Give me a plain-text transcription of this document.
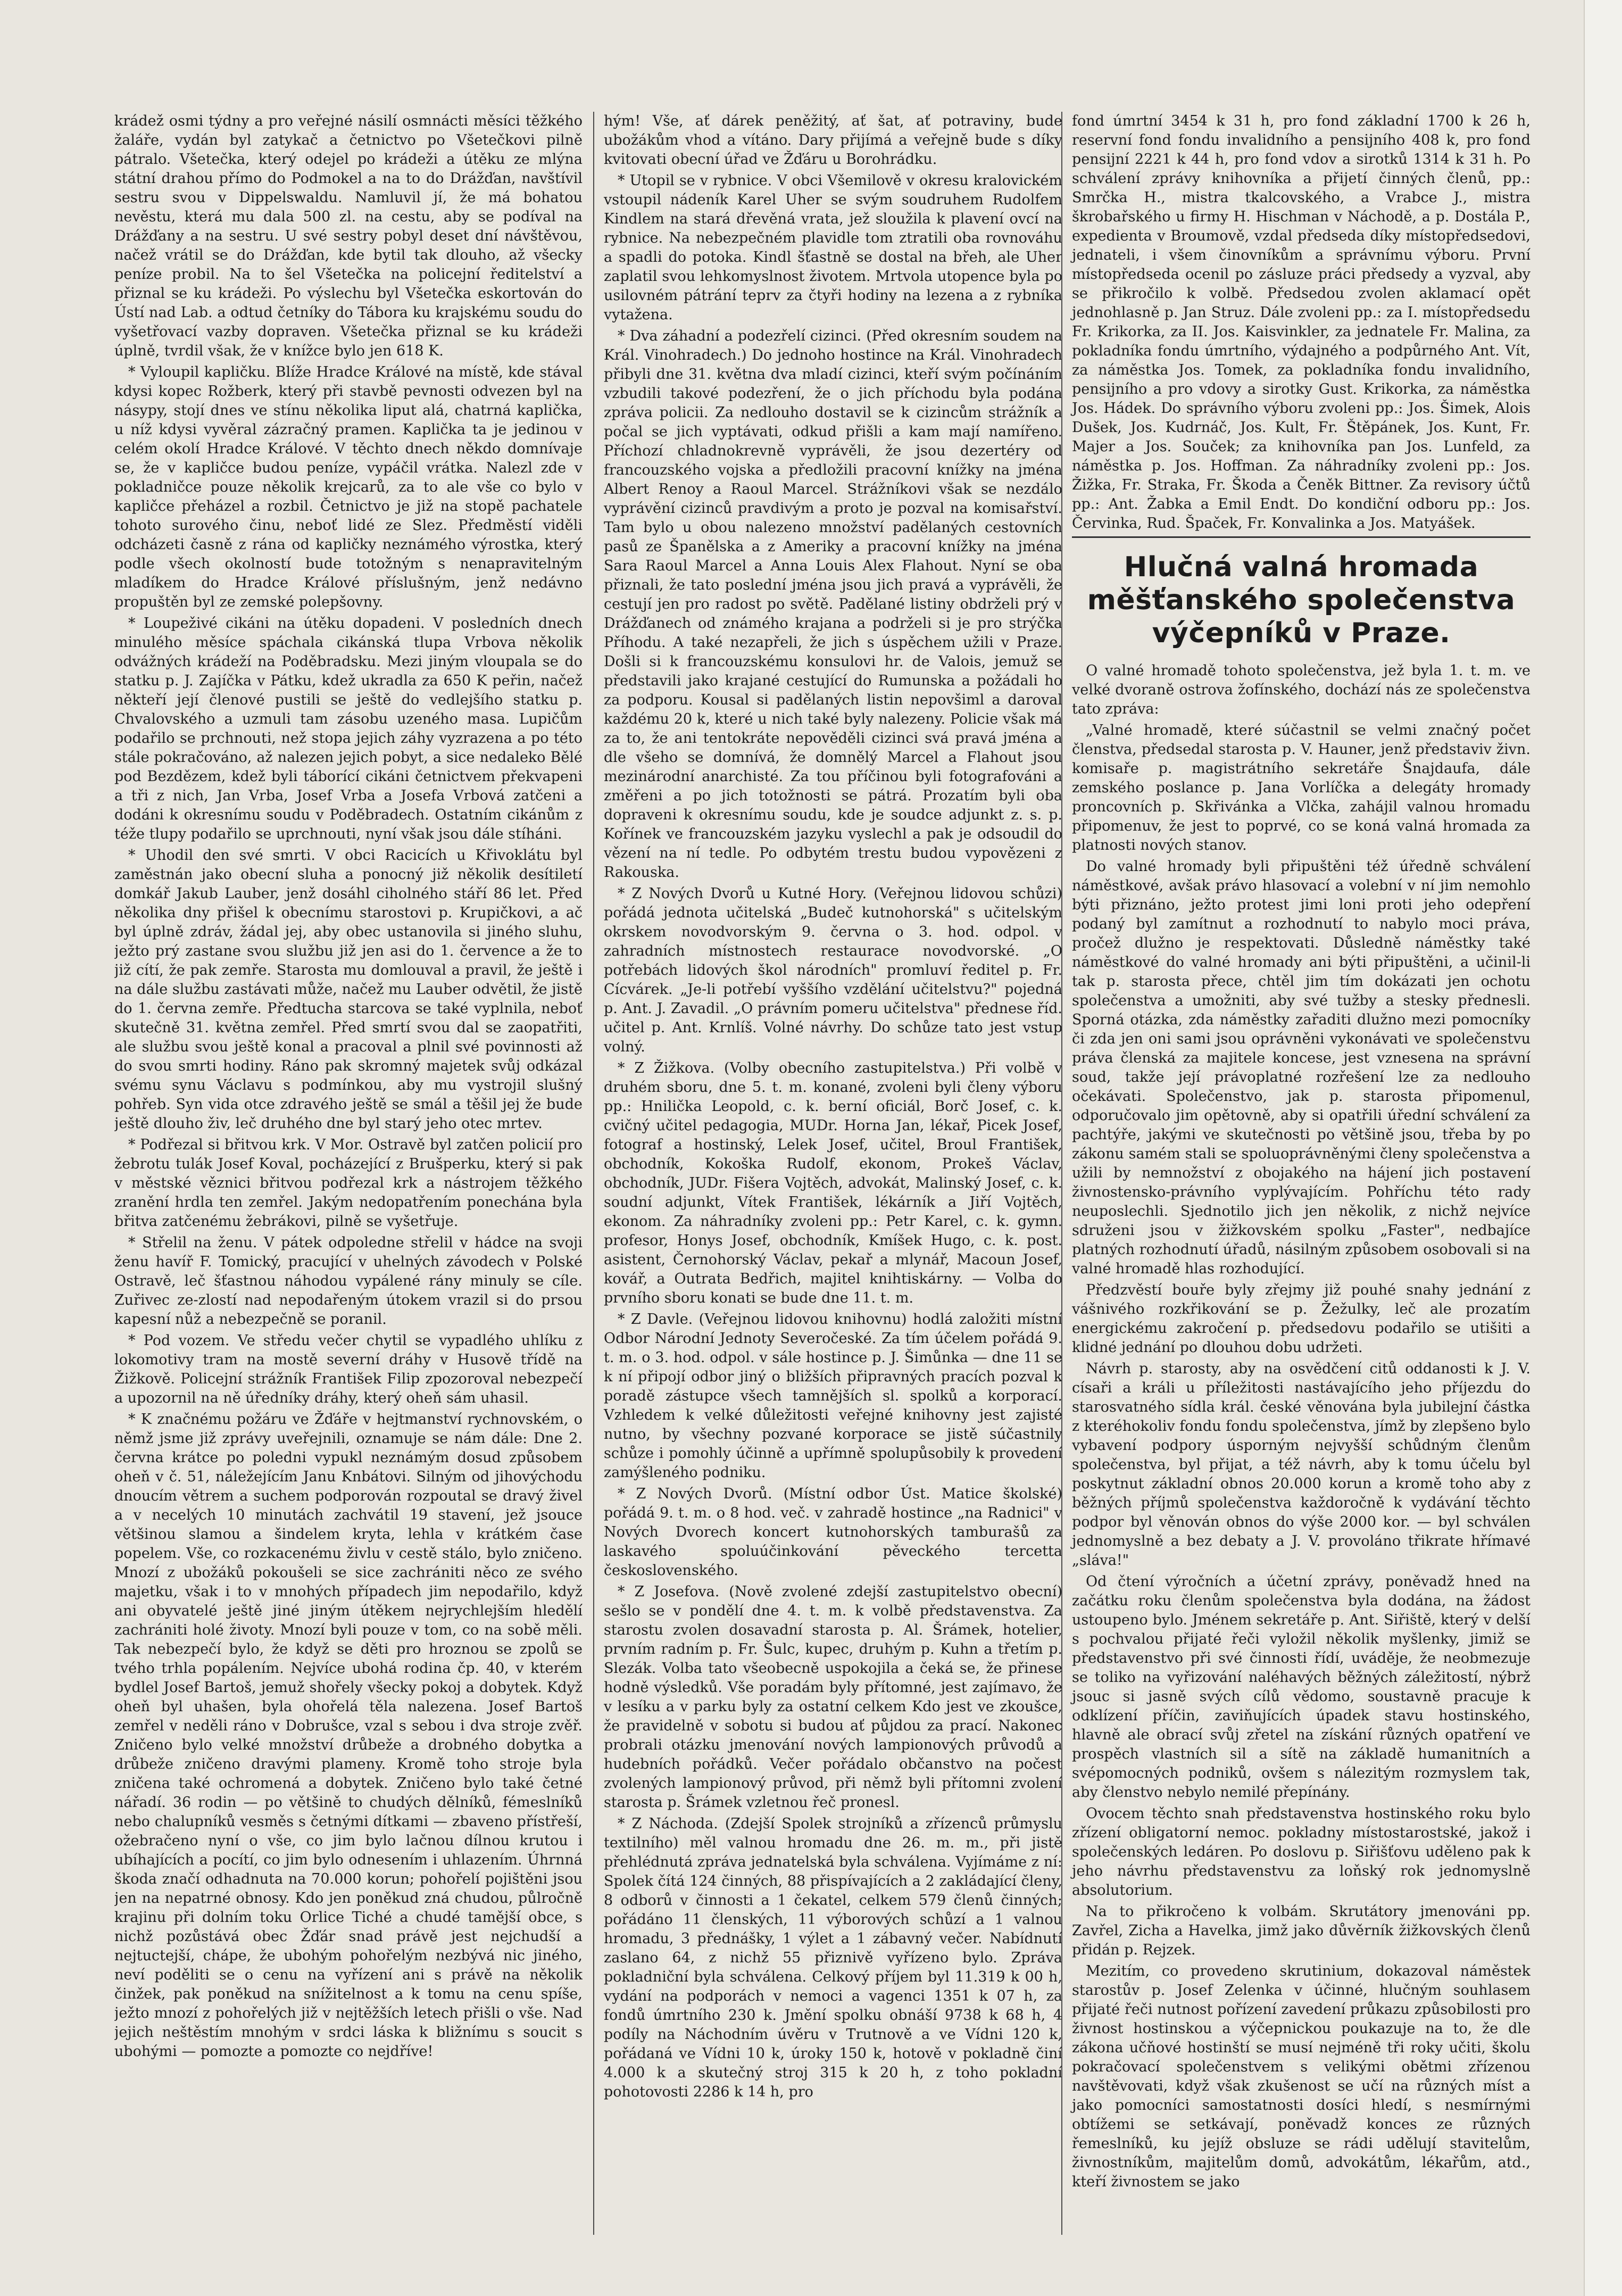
krádež osmi týdny a pro veřejné násilí osmnácti měsíci těžkého žaláře, vydán byl zatykač a četnictvo po Všetečkovi pilně pátralo. Všetečka, který odejel po krádeži a útěku ze mlýna státní drahou přímo do Podmokel a na to do Drážďan, navštívil sestru svou v Dippelswaldu. Namluvil jí, že má bohatou nevěstu, která mu dala 500 zl. na cestu, aby se podíval na Drážďany a na sestru. U své sestry pobyl deset dní návštěvou, načež vrátil se do Drážďan, kde bytil tak dlouho, až všecky peníze probil. Na to šel Všetečka na policejní ředitelství a přiznal se ku krádeži. Po výslechu byl Všetečka eskortován do Ústí nad Lab. a odtud četníky do Tábora ku krajskému soudu do vyšetřovací vazby dopraven. Všetečka přiznal se ku krádeži úplně, tvrdil však, že v knížce bylo jen 618 K.

* Vyloupil kapličku. Blíže Hradce Králové na místě, kde stával kdysi kopec Rožberk, který při stavbě pevnosti odvezen byl na násypy, stojí dnes ve stínu několika liput alá, chatrná kaplička, u níž kdysi vyvěral zázračný pramen. Kaplička ta je jedinou v celém okolí Hradce Králové. V těchto dnech někdo domnívaje se, že v kapličce budou peníze, vypáčil vrátka. Nalezl zde v pokladničce pouze několik krejcarů, za to ale vše co bylo v kapličce přeházel a rozbil. Četnictvo je již na stopě pachatele tohoto surového činu, neboť lidé ze Slez. Předměstí viděli odcházeti časně z rána od kapličky neznámého výrostka, který podle všech okolností bude totožným s nenapravitelným mladíkem do Hradce Králové příslušným, jenž nedávno propuštěn byl ze zemské polepšovny.

* Loupeživé cikáni na útěku dopadeni. V posledních dnech minulého měsíce spáchala cikánská tlupa Vrbova několik odvážných krádeží na Poděbradsku. Mezi jiným vloupala se do statku p. J. Zajíčka v Pátku, kdež ukradla za 650 K peřin, načež někteří její členové pustili se ještě do vedlejšího statku p. Chvalovského a uzmuli tam zásobu uzeného masa. Lupičům podařilo se prchnouti, než stopa jejich záhy vyzrazena a po této stále pokračováno, až nalezen jejich pobyt, a sice nedaleko Bělé pod Bezdězem, kdež byli táborící cikáni četnictvem překvapeni a tři z nich, Jan Vrba, Josef Vrba a Josefa Vrbová zatčeni a dodáni k okresnímu soudu v Poděbradech. Ostatním cikánům z téže tlupy podařilo se uprchnouti, nyní však jsou dále stíháni.

* Uhodil den své smrti. V obci Racicích u Křivoklátu byl zaměstnán jako obecní sluha a ponocný již několik desítiletí domkář Jakub Lauber, jenž dosáhl ciholného stáří 86 let. Před několika dny přišel k obecnímu starostovi p. Krupičkovi, a ač byl úplně zdráv, žádal jej, aby obec ustanovila si jiného sluhu, ježto prý zastane svou službu již jen asi do 1. července a že to již cítí, že pak zemře. Starosta mu domlouval a pravil, že ještě i na dále službu zastávati může, načež mu Lauber odvětil, že jistě do 1. června zemře. Předtucha starcova se také vyplnila, neboť skutečně 31. května zemřel. Před smrtí svou dal se zaopatřiti, ale službu svou ještě konal a pracoval a plnil své povinnosti až do svou smrti hodiny. Ráno pak skromný majetek svůj odkázal svému synu Václavu s podmínkou, aby mu vystrojil slušný pohřeb. Syn vida otce zdravého ještě se smál a těšil jej že bude ještě dlouho živ, leč druhého dne byl starý jeho otec mrtev.

* Podřezal si břitvou krk. V Mor. Ostravě byl zatčen policií pro žebrotu tulák Josef Koval, pocházející z Brušperku, který si pak v městské věznici břitvou podřezal krk a nástrojem těžkého zranění hrdla ten zemřel. Jakým nedopatřením ponechána byla břitva zatčenému žebrákovi, pilně se vyšetřuje.

* Střelil na ženu. V pátek odpoledne střelil v hádce na svoji ženu havíř F. Tomický, pracující v uhelných závodech v Polské Ostravě, leč šťastnou náhodou vypálené rány minuly se cíle. Zuřivec ze-zlostí nad nepodařeným útokem vrazil si do prsou kapesní nůž a nebezpečně se poranil.

* Pod vozem. Ve středu večer chytil se vypadlého uhlíku z lokomotivy tram na mostě severní dráhy v Husově třídě na Žižkově. Policejní strážník František Filip zpozoroval nebezpečí a upozornil na ně úředníky dráhy, který oheň sám uhasil.

* K značnému požáru ve Žďáře v hejtmanství rychnovském, o němž jsme již zprávy uveřejnili, oznamuje se nám dále: Dne 2. června krátce po poledni vypukl neznámým dosud způsobem oheň v č. 51, náležejícím Janu Knbátovi. Silným od jihovýchodu dnoucím větrem a suchem podporován rozpoutal se dravý živel a v necelých 10 minutách zachvátil 19 stavení, jež jsouce většinou slamou a šindelem kryta, lehla v krátkém čase popelem. Vše, co rozkacenému živlu v cestě stálo, bylo zničeno. Mnozí z ubožáků pokoušeli se sice zachrániti něco ze svého majetku, však i to v mnohých případech jim nepodařilo, když ani obyvatelé ještě jiné jiným útěkem nejrychlejším hledělí zachrániti holé životy. Mnozí byli pouze v tom, co na sobě měli. Tak nebezpečí bylo, že když se děti pro hroznou se zpolů se tvého trhla popálením. Nejvíce ubohá rodina čp. 40, v kterém bydlel Josef Bartoš, jemuž shořely všecky pokoj a dobytek. Když oheň byl uhašen, byla ohořelá těla nalezena. Josef Bartoš zemřel v neděli ráno v Dobrušce, vzal s sebou i dva stroje zvěř. Zničeno bylo velké množství drůbeže a drobného dobytka a drůbeže zničeno dravými plameny. Kromě toho stroje byla zničena také ochromená a dobytek. Zničeno bylo také četné nářadí. 36 rodin — po většině to chudých dělníků, fémeslníků nebo chalupníků vesměs s četnými dítkami — zbaveno přístřeší, ožebračeno nyní o vše, co jim bylo lačnou dílnou krutou i ubíhajících a pocítí, co jim bylo odnesením i uhlazením. Úhrnná škoda značí odhadnuta na 70.000 korun; pohořelí pojištěni jsou jen na nepatrné obnosy. Kdo jen poněkud zná chudou, půlročně krajinu při dolním toku Orlice Tiché a chudé tamější obce, s nichž pozůstává obec Žďár snad právě jest nejchudší a nejtuctejší, chápe, že ubohým pohořelým nezbývá nic jiného, neví poděliti se o cenu na vyřízení ani s právě na několik činžek, pak poněkud na snížitelnost a k tomu na cenu spíše, ježto mnozí z pohořelých již v nejtěžších letech přišli o vše. Nad jejich neštěstím mnohým v srdci láska k bližnímu s soucit s ubohými — pomozte a pomozte co nejdříve!

hým! Vše, ať dárek peněžitý, ať šat, ať potraviny, bude ubožákům vhod a vítáno. Dary přijímá a veřejně bude s díky kvitovati obecní úřad ve Žďáru u Borohrádku.

* Utopil se v rybnice. V obci Všemilově v okresu kralovickém vstoupil nádeník Karel Uher se svým soudruhem Rudolfem Kindlem na stará dřevěná vrata, jež sloužila k plavení ovcí na rybnice. Na nebezpečném plavidle tom ztratili oba rovnováhu a spadli do potoka. Kindl šťastně se dostal na břeh, ale Uher zaplatil svou lehkomyslnost životem. Mrtvola utopence byla po usilovném pátrání teprv za čtyři hodiny na lezena a z rybníka vytažena.

* Dva záhadní a podezřelí cizinci. (Před okresním soudem na Král. Vinohradech.) Do jednoho hostince na Král. Vinohradech přibyli dne 31. května dva mladí cizinci, kteří svým počínáním vzbudili takové podezření, že o jich příchodu byla podána zpráva policii. Za nedlouho dostavil se k cizincům strážník a počal se jich vyptávati, odkud přišli a kam mají namířeno. Příchozí chladnokrevně vyprávěli, že jsou dezertéry od francouzského vojska a předložili pracovní knížky na jména Albert Renoy a Raoul Marcel. Strážníkovi však se nezdálo vyprávění cizinců pravdivým a proto je pozval na komisařství. Tam bylo u obou nalezeno množství padělaných cestovních pasů ze Španělska a z Ameriky a pracovní knížky na jména Sara Raoul Marcel a Anna Louis Alex Flahout. Nyní se oba přiznali, že tato poslední jména jsou jich pravá a vyprávěli, že cestují jen pro radost po světě. Padělané listiny obdrželi prý v Drážďanech od známého krajana a podrželi si je pro strýčka Příhodu. A také nezapřeli, že jich s úspěchem užili v Praze. Došli si k francouzskému konsulovi hr. de Valois, jemuž se představili jako krajané cestující do Rumunska a požádali ho za podporu. Kousal si padělaných listin nepovšiml a daroval každému 20 k, které u nich také byly nalezeny. Policie však má za to, že ani tentokráte nepověděli cizinci svá pravá jména a dle všeho se domnívá, že domnělý Marcel a Flahout jsou mezinárodní anarchisté. Za tou příčinou byli fotografováni a změřeni a po jich totožnosti se pátrá. Prozatím byli oba dopraveni k okresnímu soudu, kde je soudce adjunkt z. s. p. Kořínek ve francouzském jazyku vyslechl a pak je odsoudil do vězení na ní tedle. Po odbytém trestu budou vypovězeni z Rakouska.

* Z Nových Dvorů u Kutné Hory. (Veřejnou lidovou schůzi) pořádá jednota učitelská „Budeč kutnohorská" s učitelským okrskem novodvorským 9. června o 3. hod. odpol. v zahradních místnostech restaurace novodvorské. „O potřebách lidových škol národních" promluví ředitel p. Fr. Cícvárek. „Je-li potřebí vyššího vzdělání učitelstvu?" pojedná p. Ant. J. Zavadil. „O právním pomeru učitelstva" přednese říd. učitel p. Ant. Krnlíš. Volné návrhy. Do schůze tato jest vstup volný.

* Z Žižkova. (Volby obecního zastupitelstva.) Při volbě v druhém sboru, dne 5. t. m. konané, zvoleni byli členy výboru pp.: Hnilička Leopold, c. k. berní oficiál, Borč Josef, c. k. cvičný učitel pedagogia, MUDr. Horna Jan, lékař, Picek Josef, fotograf a hostinský, Lelek Josef, učitel, Broul František, obchodník, Kokoška Rudolf, ekonom, Prokeš Václav, obchodník, JUDr. Fišera Vojtěch, advokát, Malinský Josef, c. k. soudní adjunkt, Vítek František, lékárník a Jiří Vojtěch, ekonom. Za náhradníky zvoleni pp.: Petr Karel, c. k. gymn. profesor, Honys Josef, obchodník, Kmíšek Hugo, c. k. post. asistent, Černohorský Václav, pekař a mlynář, Macoun Josef, kovář, a Outrata Bedřich, majitel knihtiskárny. — Volba do prvního sboru konati se bude dne 11. t. m.

* Z Davle. (Veřejnou lidovou knihovnu) hodlá založiti místní Odbor Národní Jednoty Severočeské. Za tím účelem pořádá 9. t. m. o 3. hod. odpol. v sále hostince p. J. Šimůnka — dne 11 se k ní připojí odbor jiný o bližších připravných pracích pozval k poradě zástupce všech tamnějších sl. spolků a korporací. Vzhledem k velké důležitosti veřejné knihovny jest zajisté nutno, by všechny pozvané korporace se jistě súčastnily schůze i pomohly účinně a upřímně spolupůsobily k provedení zamýšleného podniku.

* Z Nových Dvorů. (Místní odbor Úst. Matice školské) pořádá 9. t. m. o 8 hod. več. v zahradě hostince „na Radnici" v Nových Dvorech koncert kutnohorských tamburašů za laskavého spoluúčinkování pěveckého tercetta československého.

* Z Josefova. (Nově zvolené zdejší zastupitelstvo obecní) sešlo se v pondělí dne 4. t. m. k volbě představenstva. Za starostu zvolen dosavadní starosta p. Al. Šrámek, hotelier, prvním radním p. Fr. Šulc, kupec, druhým p. Kuhn a třetím p. Slezák. Volba tato všeobecně uspokojila a čeká se, že přinese hodně výsledků. Vše poradám byly přítomné, jest zajímavo, že v lesíku a v parku byly za ostatní celkem Kdo jest ve zkoušce, že pravidelně v sobotu si budou ať půjdou za prací. Nakonec probrali otázku jmenování nových lampionových průvodů a hudebních pořádků. Večer pořádalo občanstvo na počest zvolených lampionový průvod, při němž byli přítomni zvolení starosta p. Šrámek vzletnou řeč pronesl.

* Z Náchoda. (Zdejší Spolek strojníků a zřízenců průmyslu textilního) měl valnou hromadu dne 26. m. m., při jistě přehlédnutá zpráva jednatelská byla schválena. Vyjímáme z ní: Spolek čítá 124 činných, 88 přispívajících a 2 zakládající členy, 8 odborů v činnosti a 1 čekatel, celkem 579 členů činných; pořádáno 11 členských, 11 výborových schůzí a 1 valnou hromadu, 3 přednášky, 1 výlet a 1 zábavný večer. Nabídnutí zaslano 64, z nichž 55 přiznivě vyřízeno bylo. Zpráva pokladniční byla schválena. Celkový příjem byl 11.319 k 00 h, vydání na podporách v nemoci a vagenci 1351 k 07 h, za fondů úmrtního 230 k. Jmění spolku obnáší 9738 k 68 h, 4 podíly na Náchodním úvěru v Trutnově a ve Vídni 120 k, pořádaná ve Vídni 10 k, úroky 150 k, hotově v pokladně činí 4.000 k a skutečný stroj 315 k 20 h, z toho pokladní pohotovosti 2286 k 14 h, pro

fond úmrtní 3454 k 31 h, pro fond základní 1700 k 26 h, reservní fond fondu invalidního a pensijního 408 k, pro fond pensijní 2221 k 44 h, pro fond vdov a sirotků 1314 k 31 h. Po schválení zprávy knihovníka a přijetí činných členů, pp.: Smrčka H., mistra tkalcovského, a Vrabce J., mistra škrobařského u firmy H. Hischman v Náchodě, a p. Dostála P., expedienta v Broumově, vzdal předseda díky místopředsedovi, jednateli, i všem činovníkům a správnímu výboru. První místopředseda ocenil po zásluze práci předsedy a vyzval, aby se přikročilo k volbě. Předsedou zvolen aklamací opět jednohlasně p. Jan Struz. Dále zvoleni pp.: za I. místopředsedu Fr. Krikorka, za II. Jos. Kaisvinkler, za jednatele Fr. Malina, za pokladníka fondu úmrtního, výdajného a podpůrného Ant. Vít, za náměstka Jos. Tomek, za pokladníka fondu invalidního, pensijního a pro vdovy a sirotky Gust. Krikorka, za náměstka Jos. Hádek. Do správního výboru zvoleni pp.: Jos. Šimek, Alois Dušek, Jos. Kudrnáč, Jos. Kult, Fr. Štěpánek, Jos. Kunt, Fr. Majer a Jos. Souček; za knihovníka pan Jos. Lunfeld, za náměstka p. Jos. Hoffman. Za náhradníky zvoleni pp.: Jos. Žižka, Fr. Straka, Fr. Škoda a Čeněk Bittner. Za revisory účtů pp.: Ant. Žabka a Emil Endt. Do kondiční odboru pp.: Jos. Červinka, Rud. Špaček, Fr. Konvalinka a Jos. Matyášek.

Hlučná valná hromada měšťanského společenstva výčepníků v Praze.

O valné hromadě tohoto společenstva, jež byla 1. t. m. ve velké dvoraně ostrova žofínského, dochází nás ze společenstva tato zpráva:

„Valné hromadě, které súčastnil se velmi značný počet členstva, předsedal starosta p. V. Hauner, jenž představiv živn. komisaře p. magistrátního sekretáře Šnajdaufa, dále zemského poslance p. Jana Vorlíčka a delegáty hromady proncovních p. Skřivánka a Vlčka, zahájil valnou hromadu připomenuv, že jest to poprvé, co se koná valná hromada za platnosti nových stanov.

Do valné hromady byli připuštěni též úředně schválení náměstkové, avšak právo hlasovací a volební v ní jim nemohlo býti přiznáno, ježto protest jimi loni proti jeho odepření podaný byl zamítnut a rozhodnutí to nabylo moci práva, pročež dlužno je respektovati. Důsledně náměstky také náměstkové do valné hromady ani býti připuštěni, a učinil-li tak p. starosta přece, chtěl jim tím dokázati jen ochotu společenstva a umožniti, aby své tužby a stesky přednesli. Sporná otázka, zda náměstky zařaditi dlužno mezi pomocníky či zda jen oni sami jsou oprávněni vykonávati ve společenstvu práva členská za majitele koncese, jest vznesena na správní soud, takže její právoplatné rozřešení lze za nedlouho očekávati. Společenstvo, jak p. starosta připomenul, odporučovalo jim opětovně, aby si opatřili úřední schválení za pachtýře, jakými ve skutečnosti po většině jsou, třeba by po zákonu samém stali se spoluoprávněnými členy společenstva a užili by nemnožství z obojakého na hájení jich postavení živnostensko-právního vyplývajícím. Pohříchu této rady neuposlechli. Sjednotilo jich jen několik, z nichž nejvíce sdruženi jsou v žižkovském spolku „Faster", nedbajíce platných rozhodnutí úřadů, násilným způsobem osobovali si na valné hromadě hlas rozhodující.

Předzvěstí bouře byly zřejmy již pouhé snahy jednání z vášnivého rozkřikování se p. Žežulky, leč ale prozatím energickému zakročení p. předsedovu podařilo se utišiti a klidné jednání po dlouhou dobu udržeti.

Návrh p. starosty, aby na osvědčení citů oddanosti k J. V. císaři a králi u příležitosti nastávajícího jeho příjezdu do starosvatného sídla král. české věnována byla jubilejní částka z kteréhokoliv fondu fondu společenstva, jímž by zlepšeno bylo vybavení podpory úsporným nejvyšší schůdným členům společenstva, byl přijat, a též návrh, aby k tomu účelu byl poskytnut základní obnos 20.000 korun a kromě toho aby z běžných příjmů společenstva každoročně k vydávání těchto podpor byl věnován obnos do výše 2000 kor. — byl schválen jednomyslně a bez debaty a J. V. provoláno třikrate hřímavé „sláva!"

Od čtení výročních a účetní zprávy, poněvadž hned na začátku roku členům společenstva byla dodána, na žádost ustoupeno bylo. Jménem sekretáře p. Ant. Siřiště, který v delší s pochvalou přijaté řeči vyložil několik myšlenky, jimiž se představenstvo při své činnosti řídí, uváděje, že neobmezuje se toliko na vyřizování naléhavých běžných záležitostí, nýbrž jsouc si jasně svých cílů vědomo, soustavně pracuje k odklízení příčin, zaviňujících úpadek stavu hostinského, hlavně ale obrací svůj zřetel na získání různých opatření ve prospěch vlastních sil a sítě na základě humanitních a svépomocných podniků, ovšem s nálezitým rozmyslem tak, aby členstvo nebylo nemilé přepínány.

Ovocem těchto snah představenstva hostinského roku bylo zřízení obligatorní nemoc. pokladny místostarostské, jakož i společenských ledáren. Po doslovu p. Siřišťovu uděleno pak k jeho návrhu představenstvu za loňský rok jednomyslně absolutorium.

Na to přikročeno k volbám. Skrutátory jmenováni pp. Zavřel, Zicha a Havelka, jimž jako důvěrník žižkovských členů přidán p. Rejzek.

Mezitím, co provedeno skrutinium, dokazoval náměstek starostův p. Josef Zelenka v účinné, hlučným souhlasem přijaté řeči nutnost pořízení zavedení průkazu způsobilosti pro živnost hostinskou a výčepnickou poukazuje na to, že dle zákona učňové hostinští se musí nejméně tři roky učiti, školu pokračovací společenstvem s velikými obětmi zřízenou navštěvovati, když však zkušenost se učí na různých míst a jako pomocníci samostatnosti dosíci hledí, s nesmírnými obtížemi se setkávají, poněvadž konces ze různých řemeslníků, ku jejíž obsluze se rádi udělují stavitelům, živnostníkům, majitelům domů, advokátům, lékařům, atd., kteří živnostem se jako
